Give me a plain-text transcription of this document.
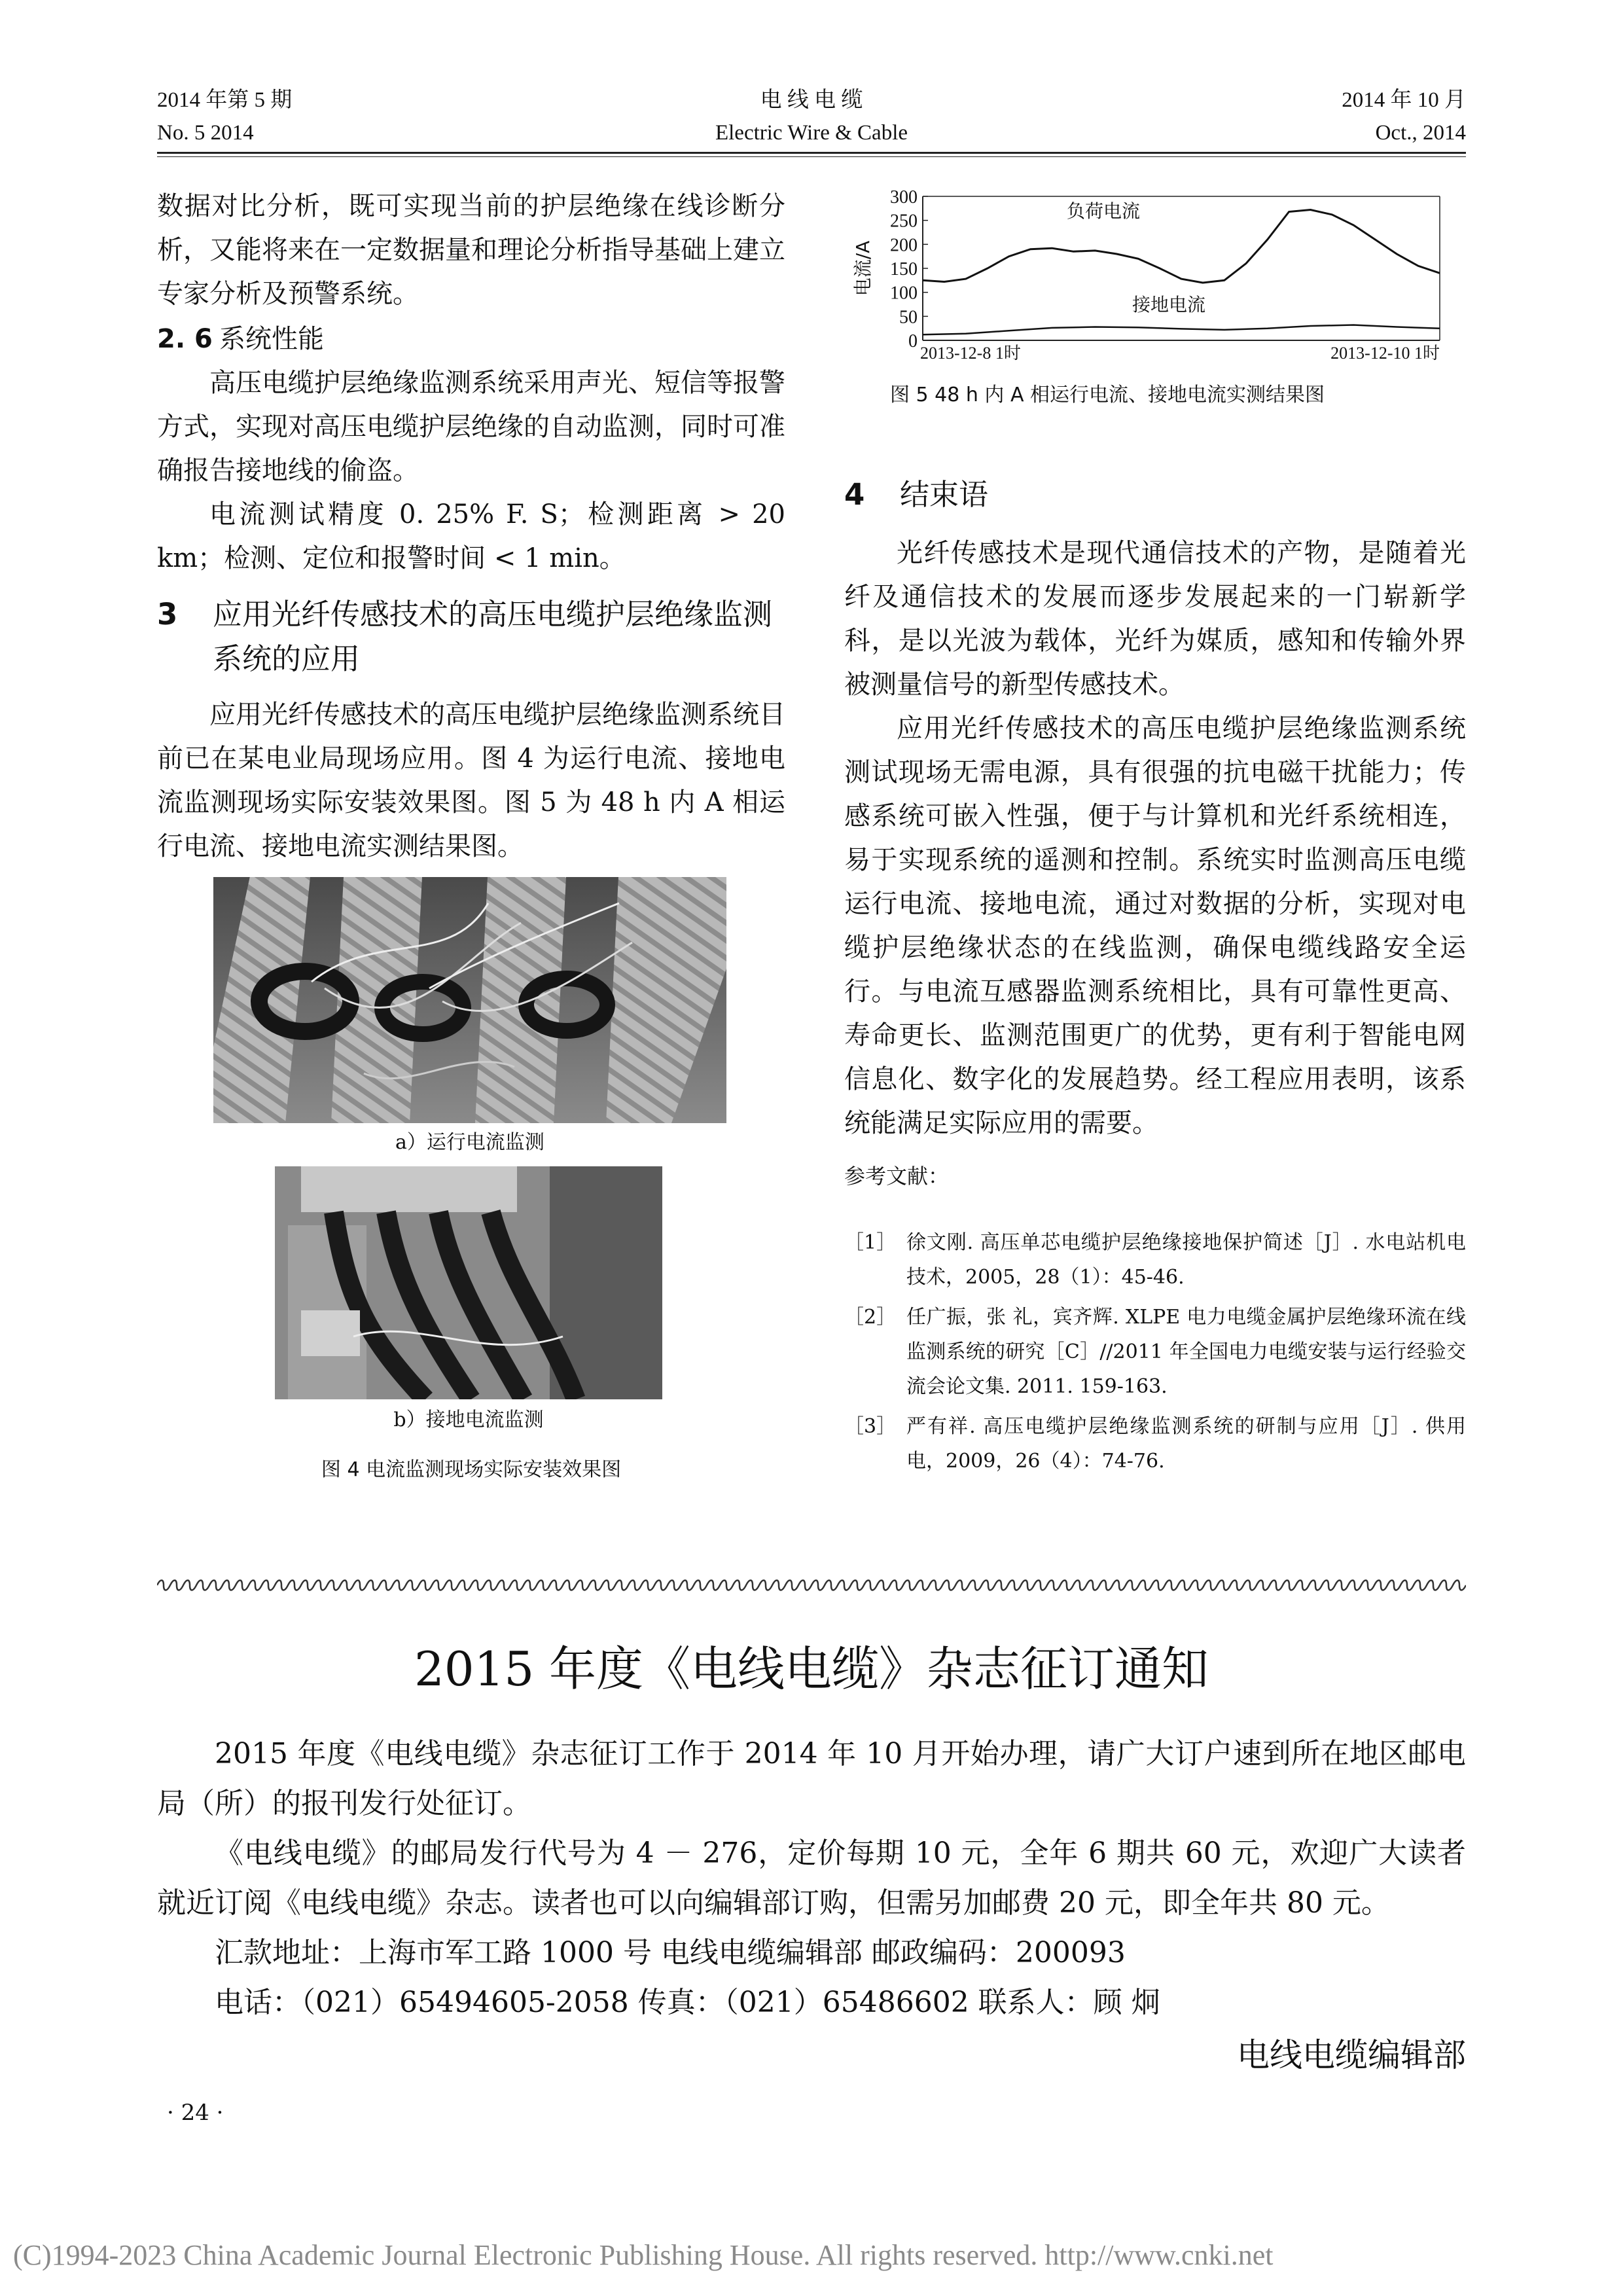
2014 年第 5 期
No. 5 2014
电 线 电 缆
Electric Wire & Cable
2014 年 10 月
Oct., 2014

数据对比分析，既可实现当前的护层绝缘在线诊断分析，又能将来在一定数据量和理论分析指导基础上建立专家分析及预警系统。

2. 6 系统性能

高压电缆护层绝缘监测系统采用声光、短信等报警方式，实现对高压电缆护层绝缘的自动监测，同时可准确报告接地线的偷盗。

电流测试精度 0. 25% F. S；检测距离 > 20 km；检测、定位和报警时间 < 1 min。

3	应用光纤传感技术的高压电缆护层绝缘监测系统的应用

应用光纤传感技术的高压电缆护层绝缘监测系统目前已在某电业局现场应用。图 4 为运行电流、接地电流监测现场实际安装效果图。图 5 为 48 h 内 A 相运行电流、接地电流实测结果图。

a）运行电流监测
b）接地电流监测
图 4 电流监测现场实际安装效果图
0
50
100
150
200
250
300
2013-12-8 1时	2013-12-10 1时
电流/A
负荷电流
接地电流
图 5 48 h 内 A 相运行电流、接地电流实测结果图
4 结束语

光纤传感技术是现代通信技术的产物，是随着光纤及通信技术的发展而逐步发展起来的一门崭新学科，是以光波为载体，光纤为媒质，感知和传输外界被测量信号的新型传感技术。

应用光纤传感技术的高压电缆护层绝缘监测系统测试现场无需电源，具有很强的抗电磁干扰能力；传感系统可嵌入性强，便于与计算机和光纤系统相连，易于实现系统的遥测和控制。系统实时监测高压电缆运行电流、接地电流，通过对数据的分析，实现对电缆护层绝缘状态的在线监测，确保电缆线路安全运行。与电流互感器监测系统相比，具有可靠性更高、寿命更长、监测范围更广的优势，更有利于智能电网信息化、数字化的发展趋势。经工程应用表明，该系统能满足实际应用的需要。

参考文献：
［1］ 徐文刚. 高压单芯电缆护层绝缘接地保护简述［J］. 水电站机电技术，2005，28（1）：45-46.
［2］ 任广振，张 礼，宾齐辉. XLPE 电力电缆金属护层绝缘环流在线监测系统的研究［C］//2011 年全国电力电缆安装与运行经验交流会论文集. 2011. 159-163.
［3］ 严有祥. 高压电缆护层绝缘监测系统的研制与应用［J］. 供用电，2009，26（4）：74-76.
2015 年度《电线电缆》杂志征订通知

2015 年度《电线电缆》杂志征订工作于 2014 年 10 月开始办理，请广大订户速到所在地区邮电局（所）的报刊发行处征订。

《电线电缆》的邮局发行代号为 4 － 276，定价每期 10 元，全年 6 期共 60 元，欢迎广大读者就近订阅《电线电缆》杂志。读者也可以向编辑部订购，但需另加邮费 20 元，即全年共 80 元。

汇款地址：上海市军工路 1000 号 电线电缆编辑部 邮政编码：200093

电话：（021）65494605-2058 传真：（021）65486602 联系人：顾 炯

电线电缆编辑部

· 24 ·
(C)1994-2023 China Academic Journal Electronic Publishing House. All rights reserved. http://www.cnki.net
